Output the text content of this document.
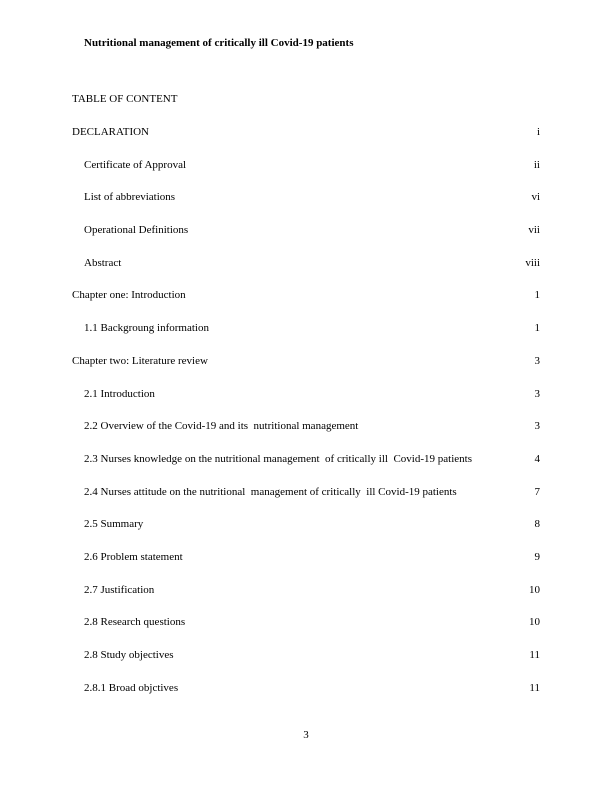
Nutritional management of critically ill Covid-19 patients
TABLE OF CONTENT
DECLARATION	i
Certificate of Approval	ii
List of abbreviations	vi
Operational Definitions	vii
Abstract	viii
Chapter one: Introduction	1
1.1 Backgroung information	1
Chapter two: Literature review	3
2.1 Introduction	3
2.2 Overview of the Covid-19 and its  nutritional management	3
2.3 Nurses knowledge on the nutritional management  of critically ill  Covid-19 patients	4
2.4 Nurses attitude on the nutritional  management of critically  ill Covid-19 patients	7
2.5 Summary	8
2.6 Problem statement	9
2.7 Justification	10
2.8 Research questions	10
2.8 Study objectives	11
2.8.1 Broad objctives	11
3
